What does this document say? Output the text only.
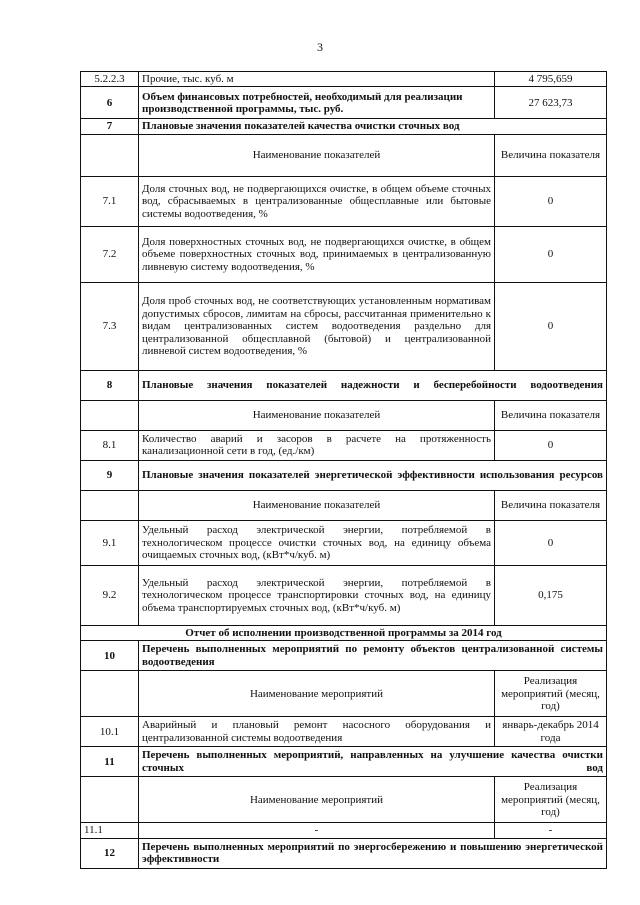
3
5.2.2.3	Прочие, тыс. куб. м	4 795,659
6	Объем финансовых потребностей, необходимый для реализации производственной программы, тыс. руб.	27 623,73
7	Плановые значения показателей качества очистки сточных вод	
	Наименование показателей	Величина показателя
7.1	Доля сточных вод, не подвергающихся очистке, в общем объеме сточных вод, сбрасываемых в централизованные общесплавные или бытовые системы водоотведения, %	0
7.2	Доля поверхностных сточных вод, не подвергающихся очистке, в общем объеме поверхностных сточных вод, принимаемых в централизованную ливневую систему водоотведения, %	0
7.3	Доля проб сточных вод, не соответствующих установленным нормативам допустимых сбросов, лимитам на сбросы, рассчитанная применительно к видам централизованных систем водоотведения раздельно для централизованной общесплавной (бытовой) и централизованной ливневой систем водоотведения, %	0
8	Плановые значения показателей надежности и бесперебойности водоотведения	
	Наименование показателей	Величина показателя
8.1	Количество аварий и засоров в расчете на протяженность канализационной сети в год, (ед./км)	0
9	Плановые значения показателей энергетической эффективности использования ресурсов	
	Наименование показателей	Величина показателя
9.1	Удельный расход электрической энергии, потребляемой в технологическом процессе очистки сточных вод, на единицу объема очищаемых сточных вод, (кВт*ч/куб. м)	0
9.2	Удельный расход электрической энергии, потребляемой в технологическом процессе транспортировки сточных вод, на единицу объема транспортируемых сточных вод, (кВт*ч/куб. м)	0,175
Отчет об исполнении производственной программы за 2014 год		
10	Перечень выполненных мероприятий по ремонту объектов централизованной системы водоотведения	
	Наименование мероприятий	Реализация мероприятий (месяц, год)
10.1	Аварийный и плановый ремонт насосного оборудования и централизованной системы водоотведения	январь-декабрь 2014 года
11	Перечень выполненных мероприятий, направленных на улучшение качества очистки сточных вод	
	Наименование мероприятий	Реализация мероприятий (месяц, год)
11.1	-	-
12	Перечень выполненных мероприятий по энергосбережению и повышению энергетической эффективности	
